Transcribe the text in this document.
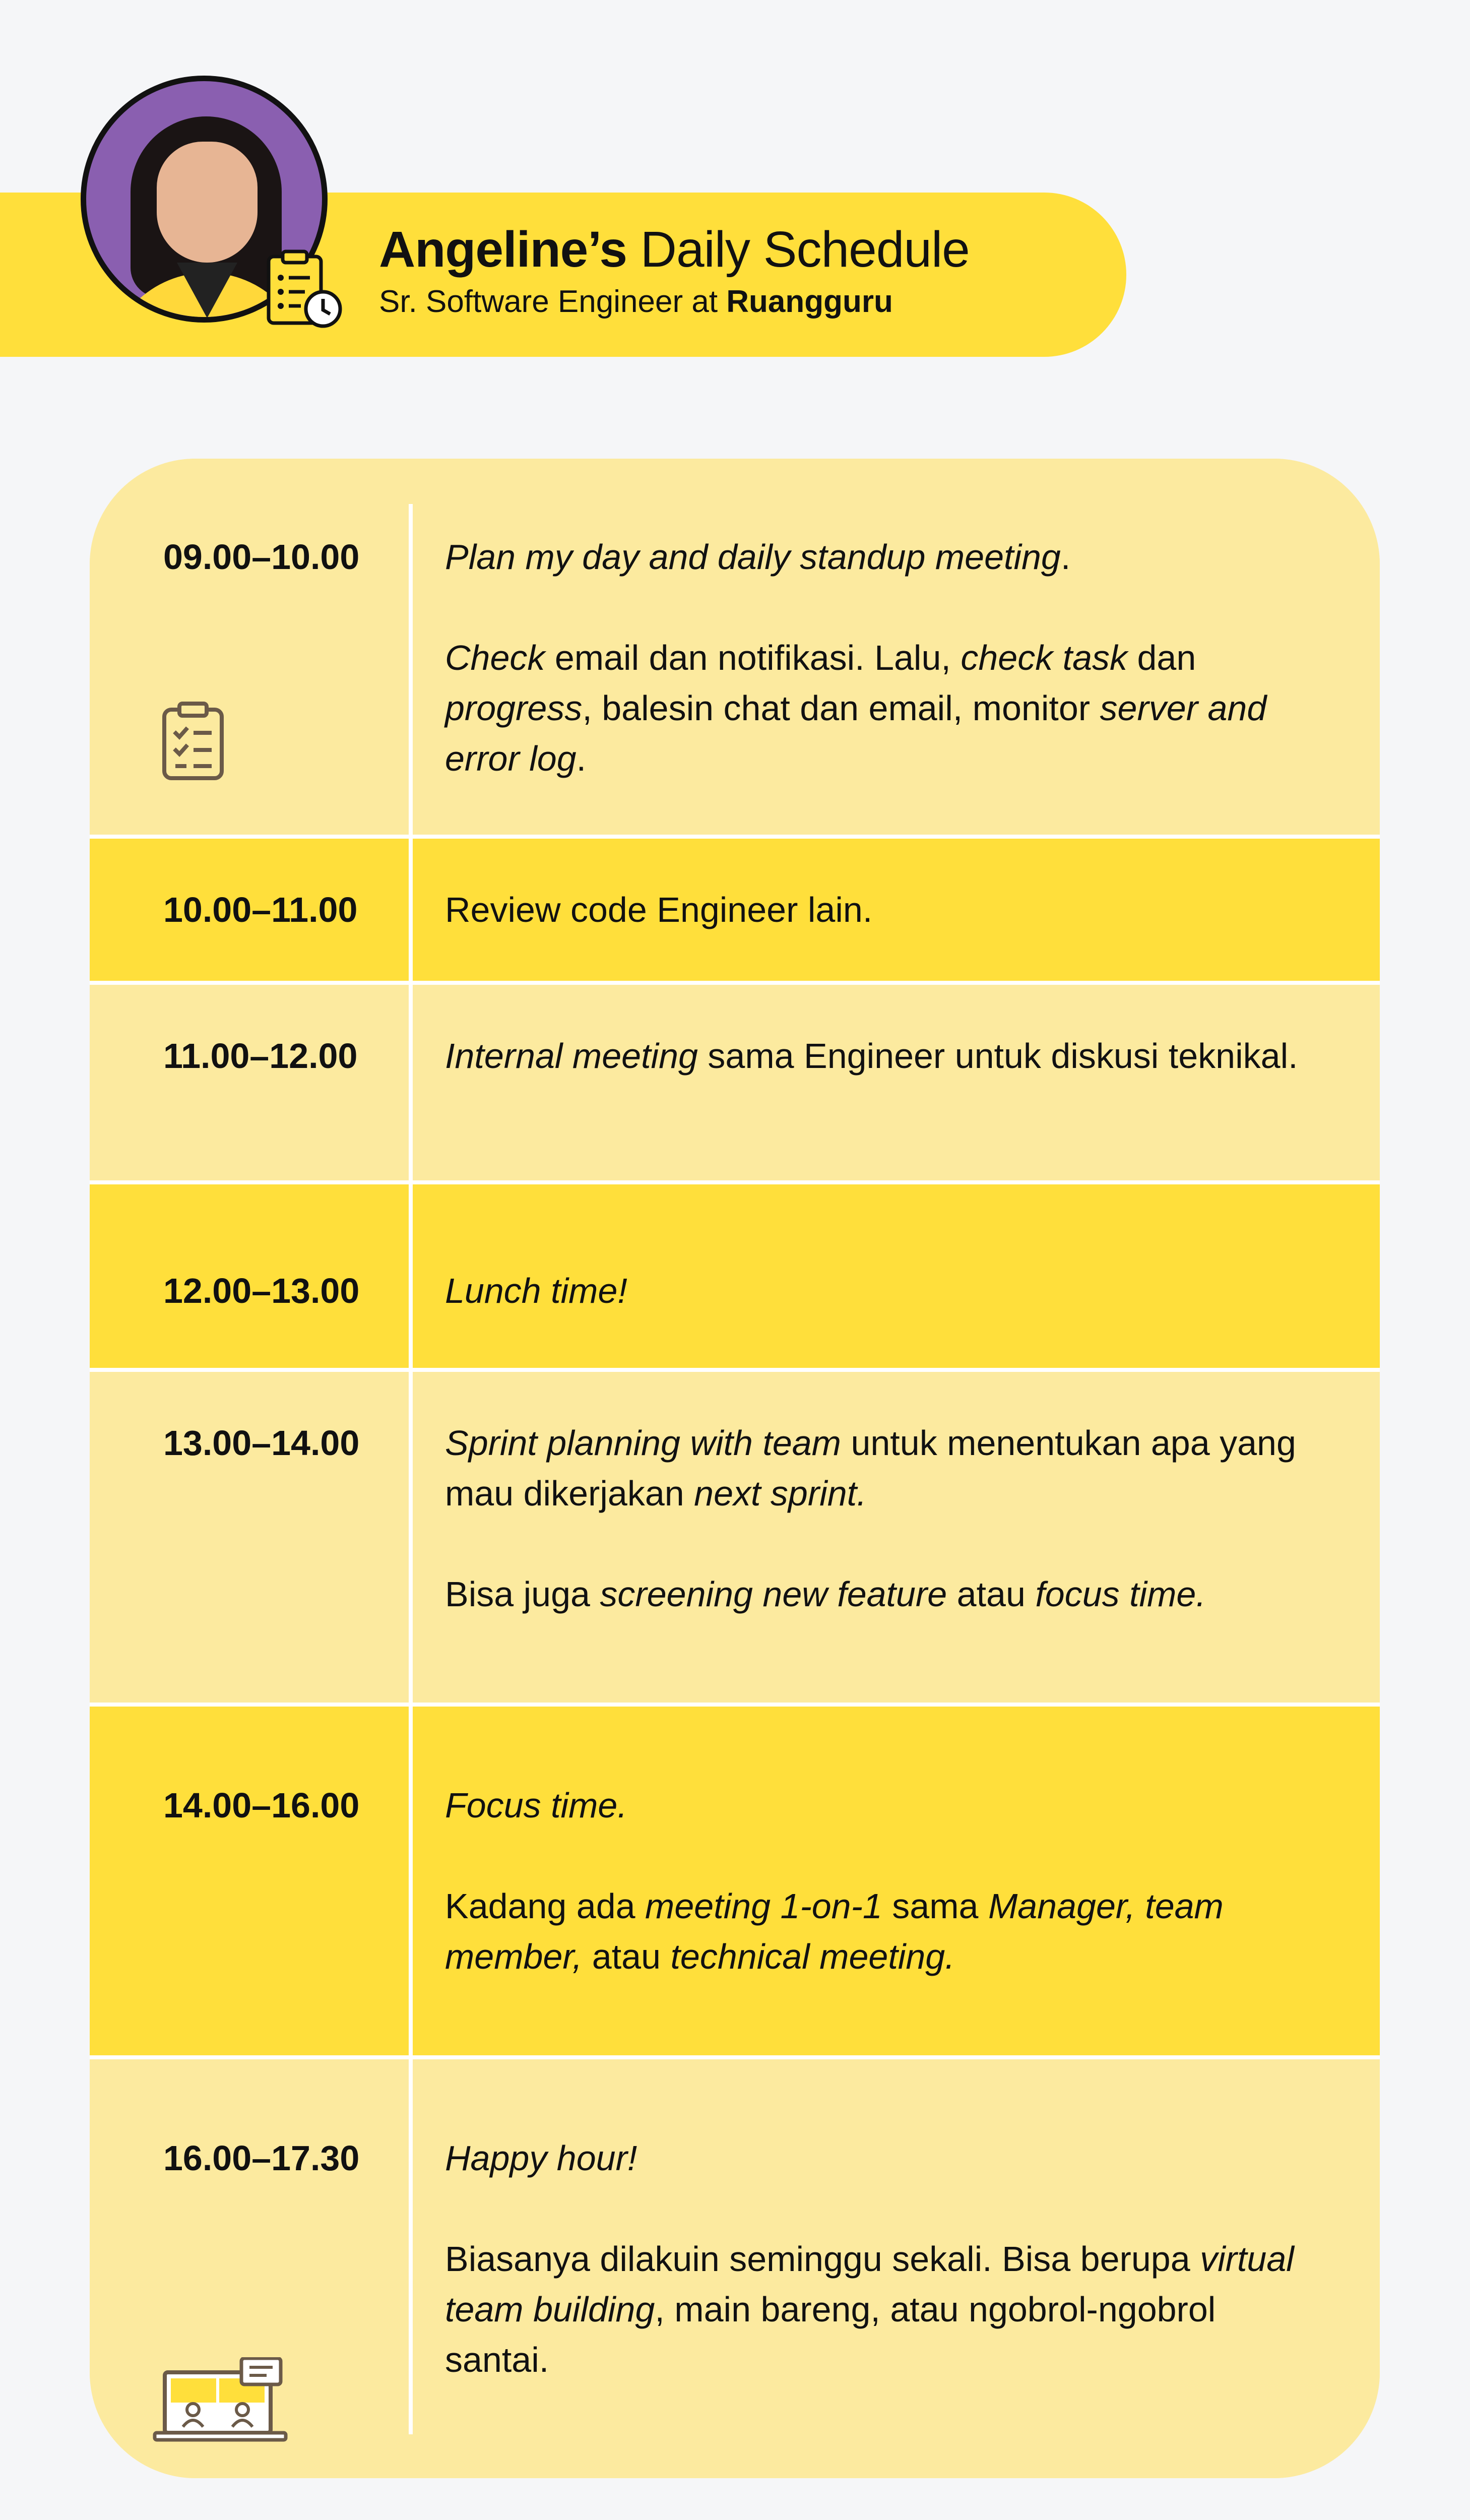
Angeline’s Daily Schedule
Sr. Software Engineer at Ruangguru
09.00–10.00 Plan my day and daily standup meeting.

Check email dan notifikasi. Lalu, check task dan progress, balesin chat dan email, monitor server and error log.

10.00–11.00 Review code Engineer lain.

11.00–12.00 Internal meeting sama Engineer untuk diskusi teknikal.

12.00–13.00 Lunch time!

13.00–14.00 Sprint planning with team untuk menentukan apa yang mau dikerjakan next sprint.

Bisa juga screening new feature atau focus time.

14.00–16.00 Focus time.

Kadang ada meeting 1-on-1 sama Manager, team member, atau technical meeting.

16.00–17.30 Happy hour!

Biasanya dilakuin seminggu sekali. Bisa berupa virtual team building, main bareng, atau ngobrol-ngobrol santai.
